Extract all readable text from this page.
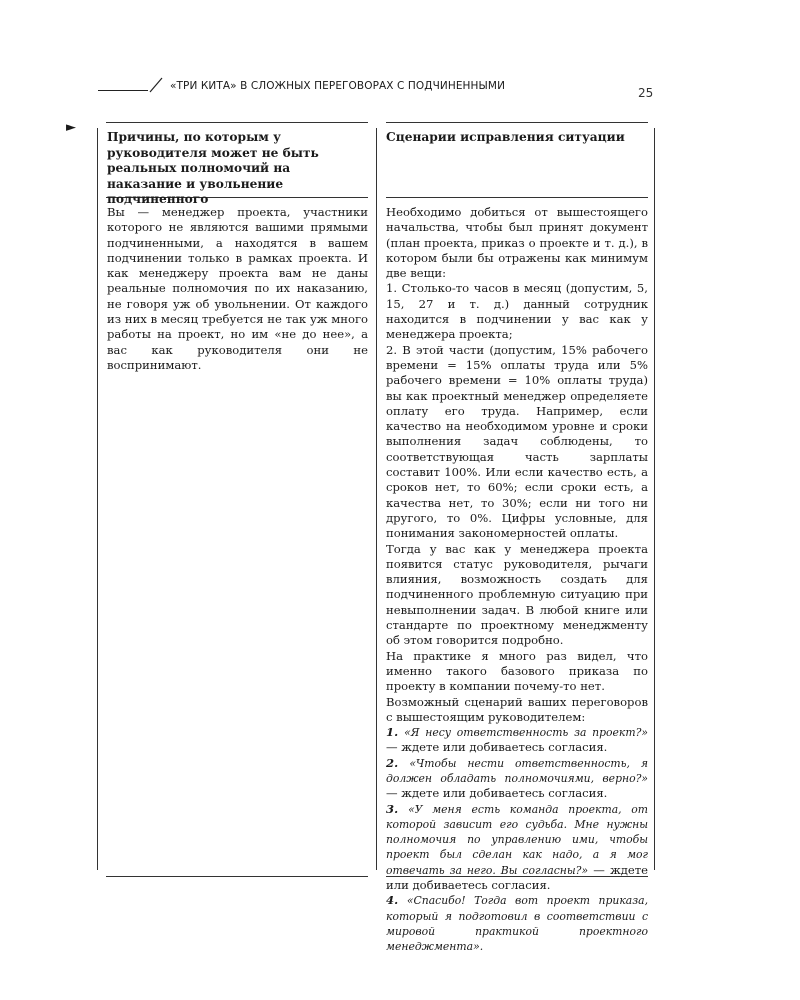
«ТРИ КИТА» В СЛОЖНЫХ ПЕРЕГОВОРАХ С ПОДЧИНЕННЫМИ	25
►
Причины, по которым у руководителя может не быть реальных полномочий на наказание и увольнение подчиненного
Сценарии исправления ситуации

Вы — менеджер проекта, участники которого не являются вашими прямыми подчиненными, а находятся в вашем подчинении только в рамках проекта. И как менеджеру проекта вам не даны реальные полномочия по их наказанию, не говоря уж об увольнении. От каждого из них в месяц требуется не так уж много работы на проект, но им «не до нее», а вас как руководителя они не воспринимают.

Необходимо добиться от вышестоящего начальства, чтобы был принят документ (план проекта, приказ о проекте и т. д.), в котором были бы отражены как минимум две вещи:

1. Столько-то часов в месяц (допустим, 5, 15, 27 и т. д.) данный сотрудник находится в подчинении у вас как у менеджера проекта;

2. В этой части (допустим, 15% рабочего времени = 15% оплаты труда или 5% рабочего времени = 10% оплаты труда) вы как проектный менеджер определяете оплату его труда. Например, если качество на необходимом уровне и сроки выполнения задач соблюдены, то соответствующая часть зарплаты составит 100%. Или если качество есть, а сроков нет, то 60%; если сроки есть, а качества нет, то 30%; если ни того ни другого, то 0%. Цифры условные, для понимания закономерностей оплаты.

Тогда у вас как у менеджера проекта появится статус руководителя, рычаги влияния, возможность создать для подчиненного проблемную ситуацию при невыполнении задач. В любой книге или стандарте по проектному менеджменту об этом говорится подробно.

На практике я много раз видел, что именно такого базового приказа по проекту в компании почему-то нет.

Возможный сценарий ваших переговоров с вышестоящим руководителем:

1. «Я несу ответственность за проект?» — ждете или добиваетесь согласия.

2. «Чтобы нести ответственность, я должен обладать полномочиями, верно?» — ждете или добиваетесь согласия.

3. «У меня есть команда проекта, от которой зависит его судьба. Мне нужны полномочия по управлению ими, чтобы проект был сделан как надо, а я мог отвечать за него. Вы согласны?» — ждете или добиваетесь согласия.

4. «Спасибо! Тогда вот проект приказа, который я подготовил в соответствии с мировой практикой проектного менеджмента».
